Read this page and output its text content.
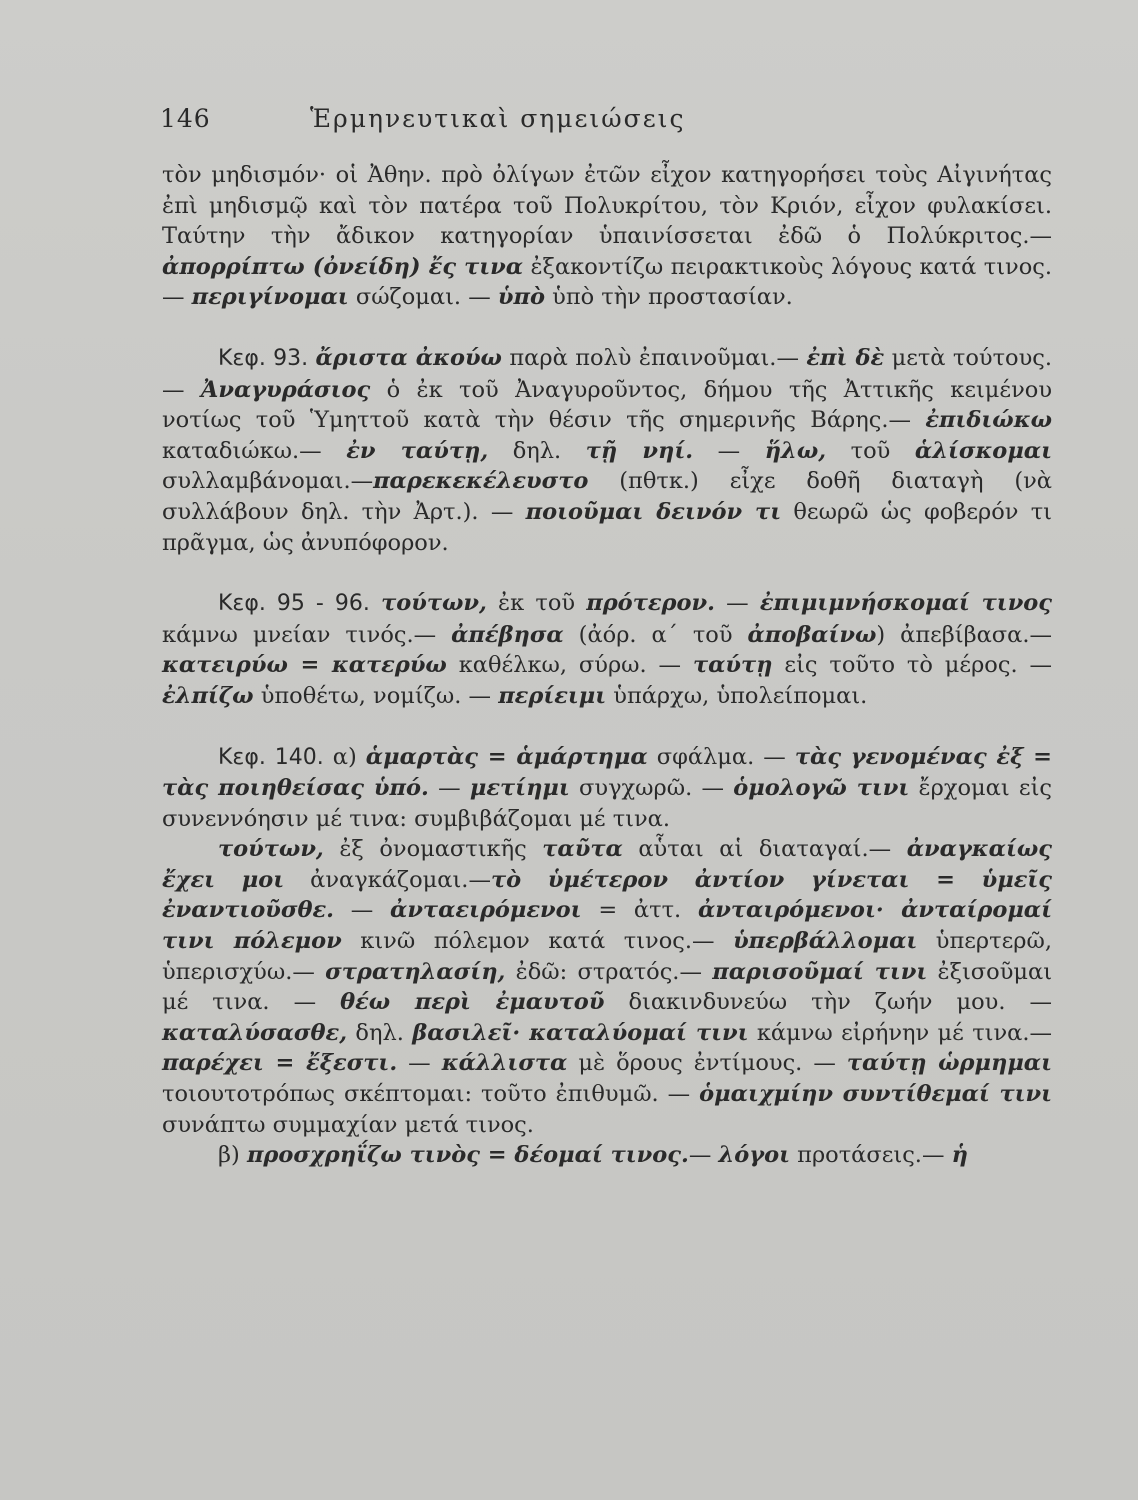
146	Ἑρμηνευτικαὶ σημειώσεις

τὸν μηδισμόν· οἱ Ἀθην. πρὸ ὀλίγων ἐτῶν εἶχον κατηγορήσει τοὺς Αἰγινήτας ἐπὶ μηδισμῷ καὶ τὸν πατέρα τοῦ Πολυκρίτου, τὸν Κριόν, εἶχον φυλακίσει. Ταύτην τὴν ἄδικον κατηγορίαν ὑπαινίσσεται ἐδῶ ὁ Πολύκριτος.— ἀπορρίπτω (ὀνείδη) ἔς τινα ἐξακοντίζω πειρακτικοὺς λόγους κατά τινος. — περιγίνομαι σώζομαι. — ὑπὸ ὑπὸ τὴν προστασίαν.

Κεφ. 93. ἄριστα ἀκούω παρὰ πολὺ ἐπαινοῦμαι.— ἐπὶ δὲ μετὰ τούτους. — Ἀναγυράσιος ὁ ἐκ τοῦ Ἀναγυροῦντος, δήμου τῆς Ἀττικῆς κειμένου νοτίως τοῦ Ὑμηττοῦ κατὰ τὴν θέσιν τῆς σημερινῆς Βάρης.— ἐπιδιώκω καταδιώκω.— ἐν ταύτῃ, δηλ. τῇ νηί. — ἥλω, τοῦ ἁλίσκομαι συλλαμβάνομαι.—παρεκεκέλευστο (πθτκ.) εἶχε δοθῆ διαταγὴ (νὰ συλλάβουν δηλ. τὴν Ἀρτ.). — ποιοῦμαι δεινόν τι θεωρῶ ὡς φοβερόν τι πρᾶγμα, ὡς ἀνυπόφορον.

Κεφ. 95 - 96. τούτων, ἐκ τοῦ πρότερον. — ἐπιμιμνήσκομαί τινος κάμνω μνείαν τινός.— ἀπέβησα (ἀόρ. α΄ τοῦ ἀποβαίνω) ἀπεβίβασα.— κατειρύω = κατερύω καθέλκω, σύρω. — ταύτῃ εἰς τοῦτο τὸ μέρος. — ἐλπίζω ὑποθέτω, νομίζω. — περίειμι ὑπάρχω, ὑπολείπομαι.

Κεφ. 140. α) ἁμαρτὰς = ἁμάρτημα σφάλμα. — τὰς γενομένας ἐξ = τὰς ποιηθείσας ὑπό. — μετίημι συγχωρῶ. — ὁμολογῶ τινι ἔρχομαι εἰς συνεννόησιν μέ τινα: συμβιβάζομαι μέ τινα.

τούτων, ἐξ ὀνομαστικῆς ταῦτα αὗται αἱ διαταγαί.— ἀναγκαίως ἔχει μοι ἀναγκάζομαι.—τὸ ὑμέτερον ἀντίον γίνεται = ὑμεῖς ἐναντιοῦσθε. — ἀνταειρόμενοι = ἀττ. ἀνταιρόμενοι· ἀνταίρομαί τινι πόλεμον κινῶ πόλεμον κατά τινος.— ὑπερβάλλομαι ὑπερτερῶ, ὑπερισχύω.— στρατηλασίη, ἐδῶ: στρατός.— παρισοῦμαί τινι ἐξισοῦμαι μέ τινα. — θέω περὶ ἐμαυτοῦ διακινδυνεύω τὴν ζωήν μου. — καταλύσασθε, δηλ. βασιλεῖ· καταλύομαί τινι κάμνω εἰρήνην μέ τινα.— παρέχει = ἔξεστι. — κάλλιστα μὲ ὅρους ἐντίμους. — ταύτῃ ὡρμημαι τοιουτοτρόπως σκέπτομαι: τοῦτο ἐπιθυμῶ. — ὁμαιχμίην συντίθεμαί τινι συνάπτω συμμαχίαν μετά τινος.

β) προσχρηΐζω τινὸς = δέομαί τινος.— λόγοι προτάσεις.— ἡ
